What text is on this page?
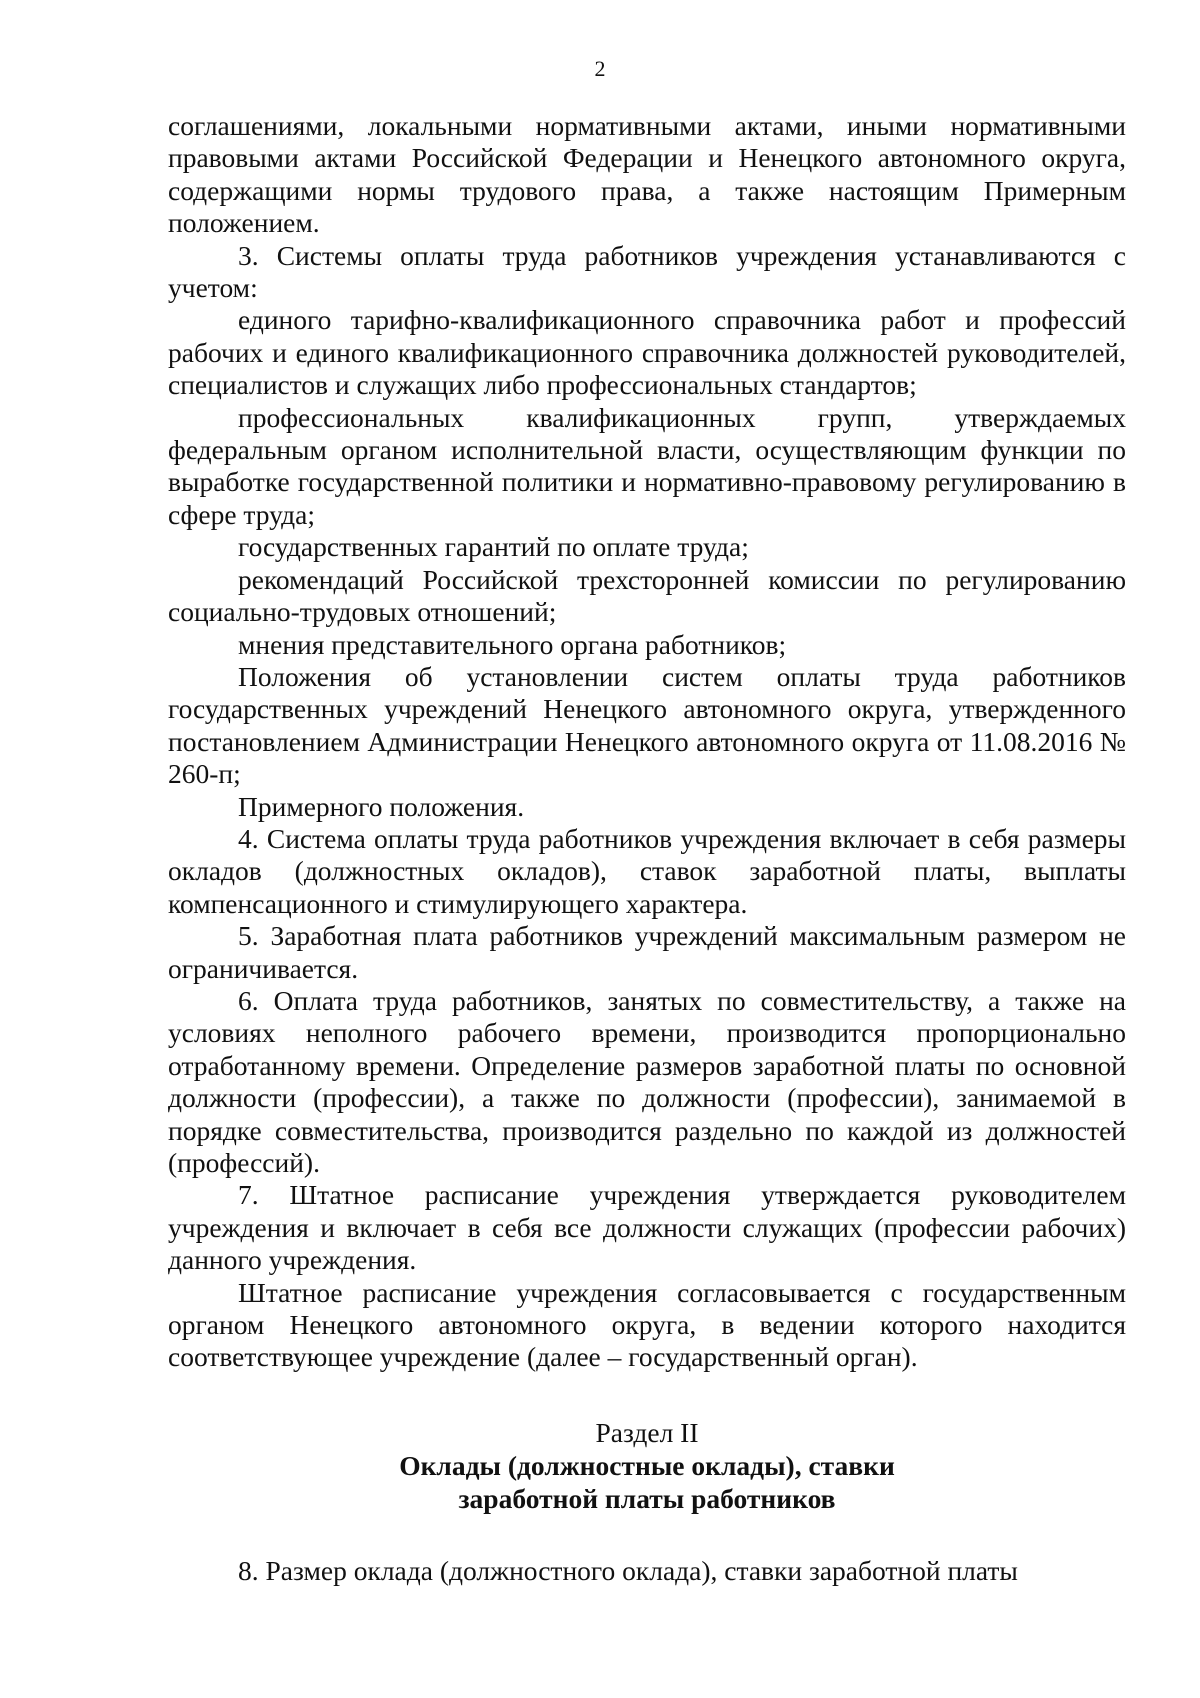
2

соглашениями, локальными нормативными актами, иными нормативными правовыми актами Российской Федерации и Ненецкого автономного округа, содержащими нормы трудового права, а также настоящим Примерным положением.

3. Системы оплаты труда работников учреждения устанавливаются с учетом:

единого тарифно-квалификационного справочника работ и профессий рабочих и единого квалификационного справочника должностей руководителей, специалистов и служащих либо профессиональных стандартов;

профессиональных квалификационных групп, утверждаемых федеральным органом исполнительной власти, осуществляющим функции по выработке государственной политики и нормативно-правовому регулированию в сфере труда;

государственных гарантий по оплате труда;

рекомендаций Российской трехсторонней комиссии по регулированию социально-трудовых отношений;

мнения представительного органа работников;

Положения об установлении систем оплаты труда работников государственных учреждений Ненецкого автономного округа, утвержденного постановлением Администрации Ненецкого автономного округа от 11.08.2016 № 260-п;

Примерного положения.

4. Система оплаты труда работников учреждения включает в себя размеры окладов (должностных окладов), ставок заработной платы, выплаты компенсационного и стимулирующего характера.

5. Заработная плата работников учреждений максимальным размером не ограничивается.

6. Оплата труда работников, занятых по совместительству, а также на условиях неполного рабочего времени, производится пропорционально отработанному времени. Определение размеров заработной платы по основной должности (профессии), а также по должности (профессии), занимаемой в порядке совместительства, производится раздельно по каждой из должностей (профессий).

7. Штатное расписание учреждения утверждается руководителем учреждения и включает в себя все должности служащих (профессии рабочих) данного учреждения.

Штатное расписание учреждения согласовывается с государственным органом Ненецкого автономного округа, в ведении которого находится соответствующее учреждение (далее – государственный орган).

Раздел II
Оклады (должностные оклады), ставки
заработной платы работников

8. Размер оклада (должностного оклада), ставки заработной платы
